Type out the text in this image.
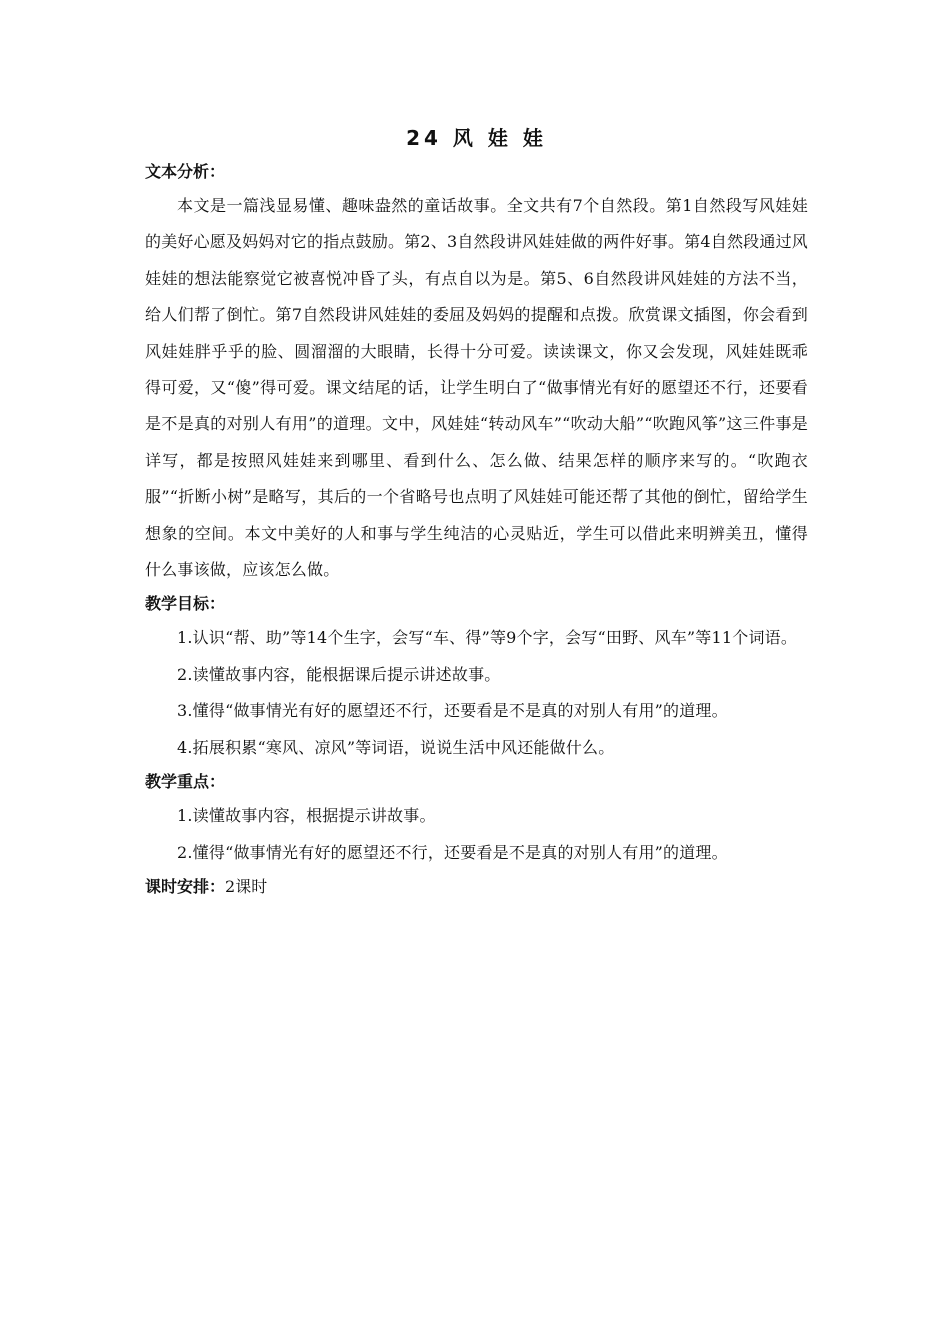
24 风 娃 娃
文本分析：

本文是一篇浅显易懂、趣味盎然的童话故事。全文共有7个自然段。第1自然段写风娃娃的美好心愿及妈妈对它的指点鼓励。第2、3自然段讲风娃娃做的两件好事。第4自然段通过风娃娃的想法能察觉它被喜悦冲昏了头，有点自以为是。第5、6自然段讲风娃娃的方法不当，给人们帮了倒忙。第7自然段讲风娃娃的委屈及妈妈的提醒和点拨。欣赏课文插图，你会看到风娃娃胖乎乎的脸、圆溜溜的大眼睛，长得十分可爱。读读课文，你又会发现，风娃娃既乖得可爱，又“傻”得可爱。课文结尾的话，让学生明白了“做事情光有好的愿望还不行，还要看是不是真的对别人有用”的道理。文中，风娃娃“转动风车”“吹动大船”“吹跑风筝”这三件事是详写，都是按照风娃娃来到哪里、看到什么、怎么做、结果怎样的顺序来写的。“吹跑衣服”“折断小树”是略写，其后的一个省略号也点明了风娃娃可能还帮了其他的倒忙，留给学生想象的空间。本文中美好的人和事与学生纯洁的心灵贴近，学生可以借此来明辨美丑，懂得什么事该做，应该怎么做。

教学目标：

1.认识“帮、助”等14个生字，会写“车、得”等9个字，会写“田野、风车”等11个词语。

2.读懂故事内容，能根据课后提示讲述故事。

3.懂得“做事情光有好的愿望还不行，还要看是不是真的对别人有用”的道理。

4.拓展积累“寒风、凉风”等词语，说说生活中风还能做什么。

教学重点：

1.读懂故事内容，根据提示讲故事。

2.懂得“做事情光有好的愿望还不行，还要看是不是真的对别人有用”的道理。

课时安排：2课时
